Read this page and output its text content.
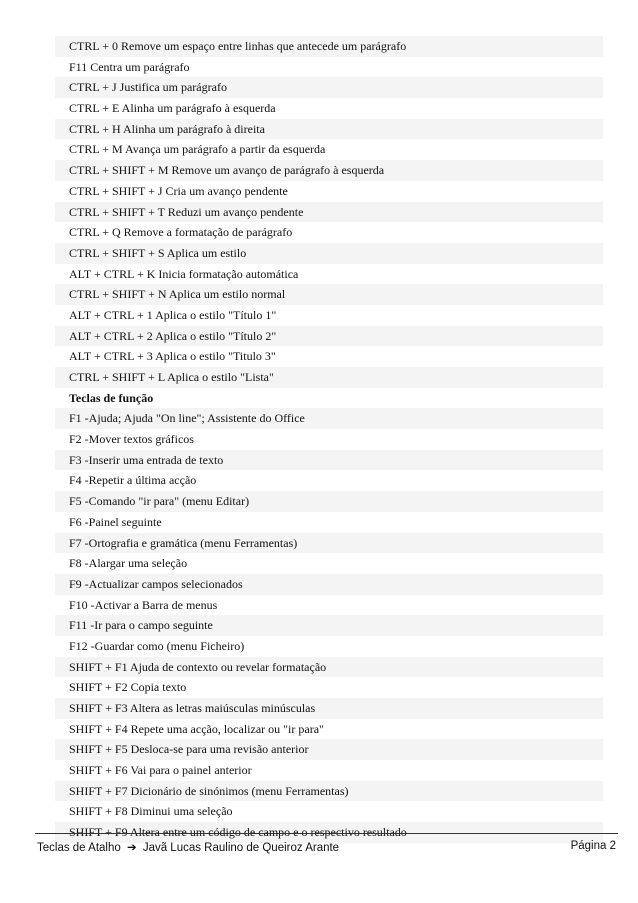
CTRL + 0 Remove um espaço entre linhas que antecede um parágrafo
F11 Centra um parágrafo
CTRL + J Justifica um parágrafo
CTRL + E Alinha um parágrafo à esquerda
CTRL + H Alinha um parágrafo à direita
CTRL + M Avança um parágrafo a partir da esquerda
CTRL + SHIFT + M Remove um avanço de parágrafo à esquerda
CTRL + SHIFT + J Cria um avanço pendente
CTRL + SHIFT + T Reduzi um avanço pendente
CTRL + Q Remove a formatação de parágrafo
CTRL + SHIFT + S Aplica um estilo
ALT + CTRL + K Inicia formatação automática
CTRL + SHIFT + N Aplica um estilo normal
ALT + CTRL + 1 Aplica o estilo "Título 1"
ALT + CTRL + 2 Aplica o estilo "Título 2"
ALT + CTRL + 3 Aplica o estilo "Titulo 3"
CTRL + SHIFT + L Aplica o estilo "Lista"
Teclas de função
F1 -Ajuda; Ajuda "On line"; Assistente do Office
F2 -Mover textos gráficos
F3 -Inserir uma entrada de texto
F4 -Repetir a última acção
F5 -Comando "ir para" (menu Editar)
F6 -Painel seguinte
F7 -Ortografia e gramática (menu Ferramentas)
F8 -Alargar uma seleção
F9 -Actualizar campos selecionados
F10 -Activar a Barra de menus
F11 -Ir para o campo seguinte
F12 -Guardar como (menu Ficheiro)
SHIFT + F1 Ajuda de contexto ou revelar formatação
SHIFT + F2 Copia texto
SHIFT + F3 Altera as letras maiúsculas minúsculas
SHIFT + F4 Repete uma acção, localizar ou "ir para"
SHIFT + F5 Desloca-se para uma revisão anterior
SHIFT + F6 Vai para o painel anterior
SHIFT + F7 Dicionário de sinónimos (menu Ferramentas)
SHIFT + F8 Diminui uma seleção
SHIFT + F9 Altera entre um código de campo e o respectivo resultado
Teclas de Atalho ➔ Javã Lucas Raulino de Queiroz Arante	Página 2
